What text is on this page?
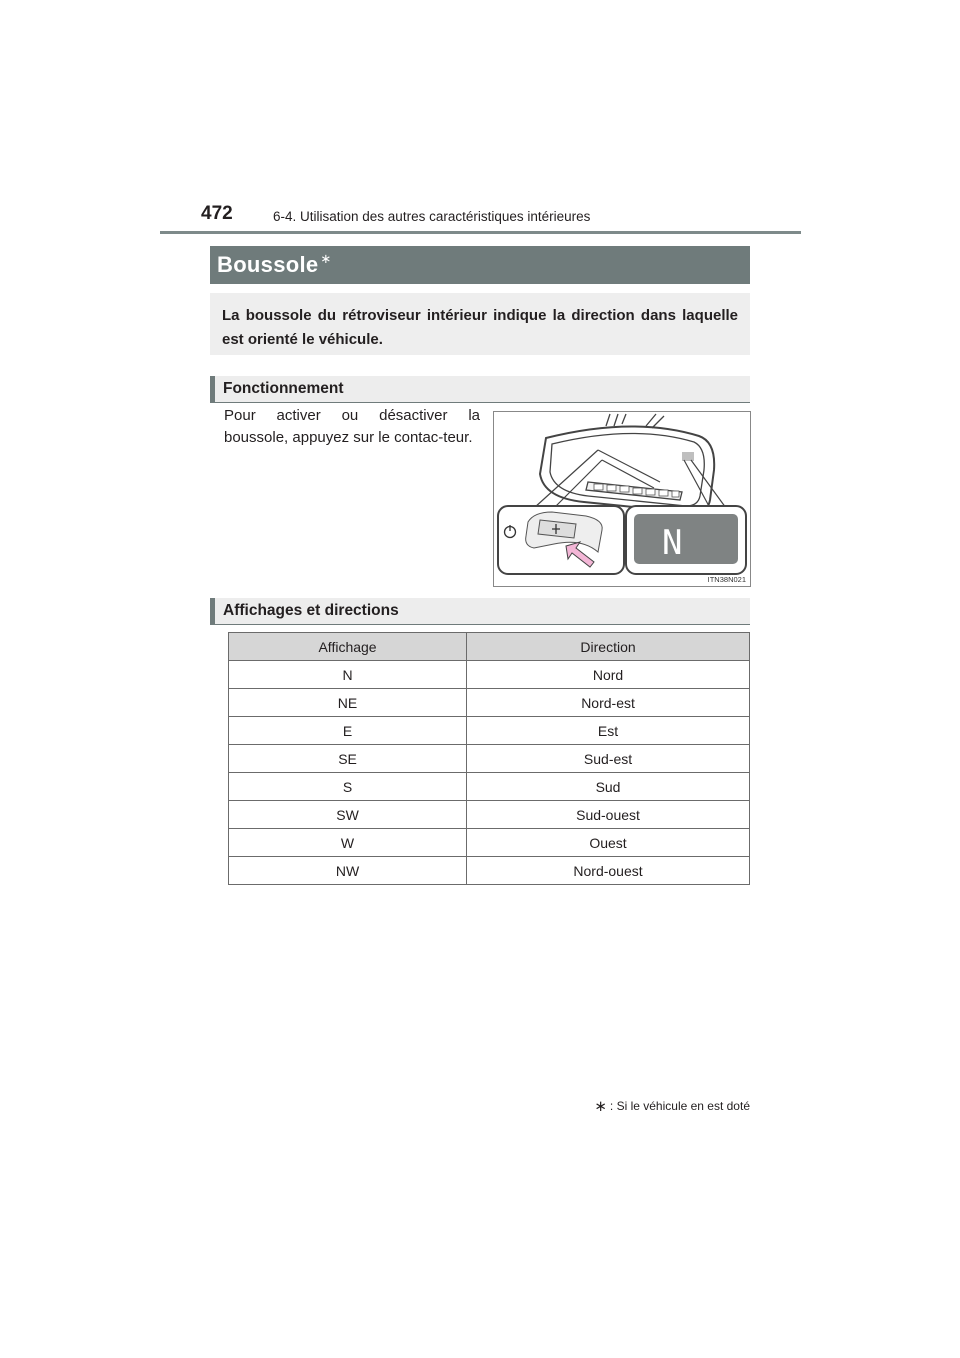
472	6-4. Utilisation des autres caractéristiques intérieures
Boussole ∗
La boussole du rétroviseur intérieur indique la direction dans laquelle est orienté le véhicule.
Fonctionnement
Pour activer ou désactiver la boussole, appuyez sur le contac-teur.
N
ITN38N021
Affichages et directions
Affichage	Direction
N	Nord
NE	Nord-est
E	Est
SE	Sud-est
S	Sud
SW	Sud-ouest
W	Ouest
NW	Nord-ouest
∗ : Si le véhicule en est doté
